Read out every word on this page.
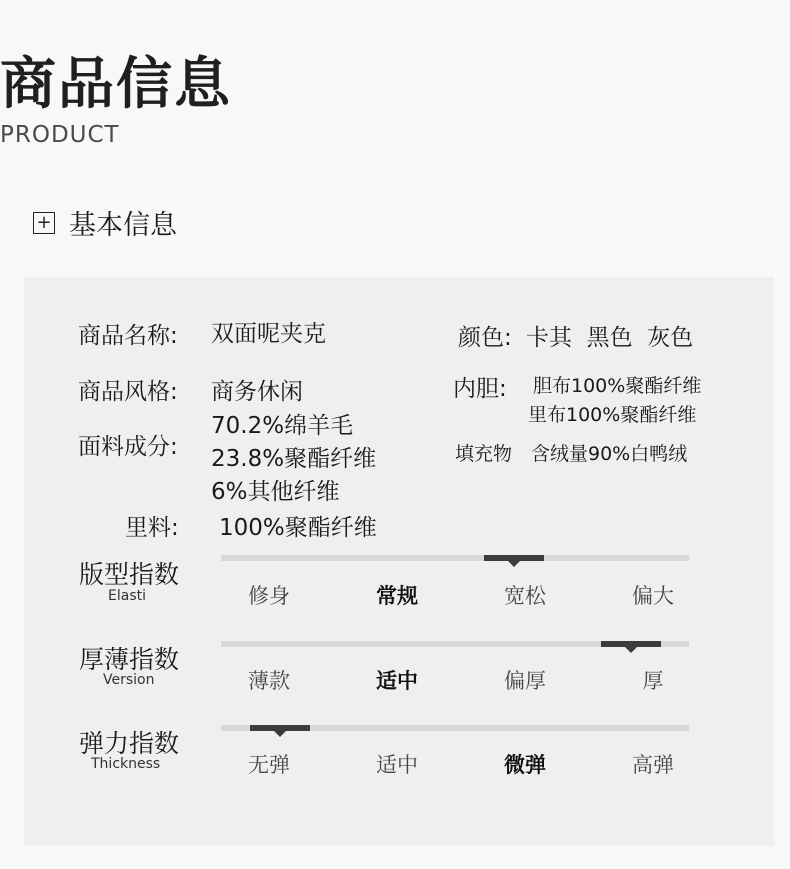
商品信息
PRODUCT
+ 基本信息
商品名称: 双面呢夹克
商品风格: 商务休闲
面料成分:
70.2%绵羊毛
23.8%聚酯纤维
6%其他纤维
里料: 100%聚酯纤维
颜色: 卡其  黑色  灰色
内胆: 胆布100%聚酯纤维
里布100%聚酯纤维
填充物 含绒量90%白鸭绒
版型指数
Elasti	修身	常规	宽松	偏大
厚薄指数
Version	薄款	适中	偏厚	厚
弹力指数
Thickness	无弹	适中	微弹	高弹
